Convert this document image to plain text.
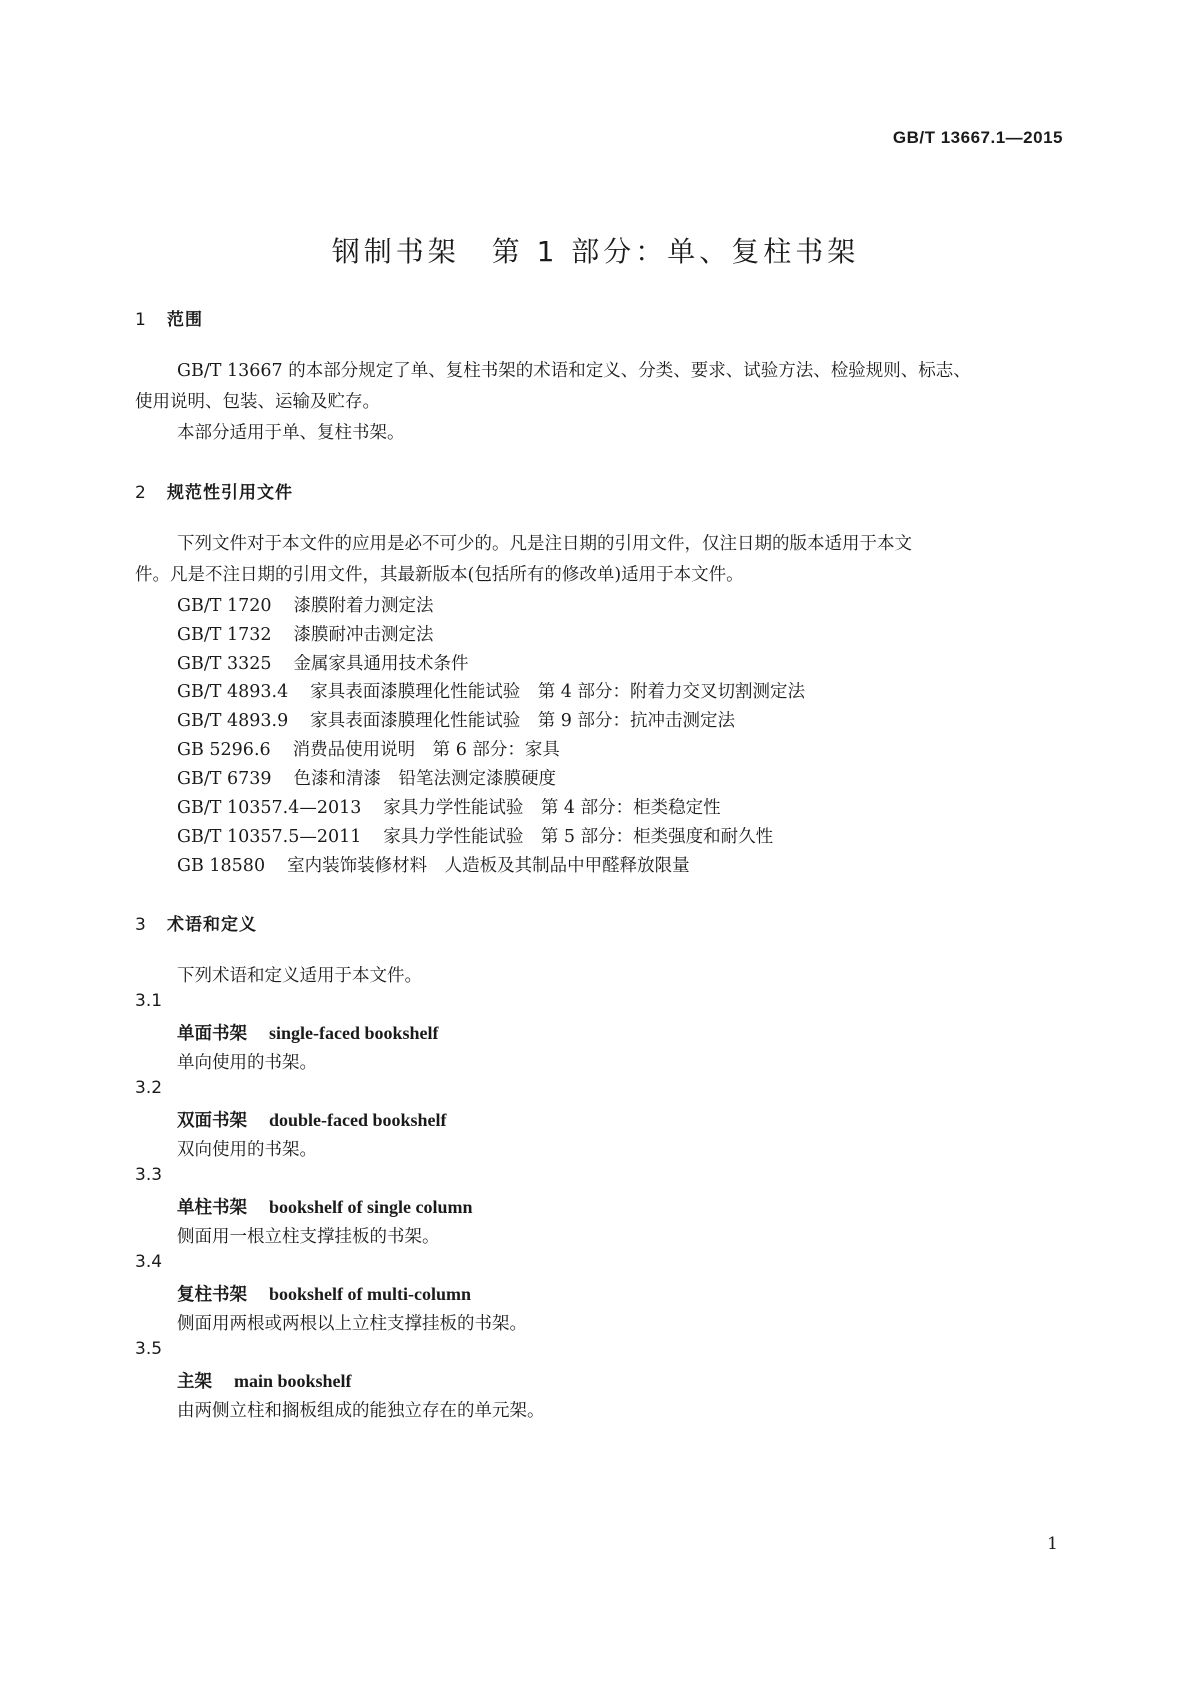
GB/T 13667.1—2015
钢制书架　第 1 部分：单、复柱书架
1 范围
GB/T 13667 的本部分规定了单、复柱书架的术语和定义、分类、要求、试验方法、检验规则、标志、
使用说明、包装、运输及贮存。
本部分适用于单、复柱书架。
2 规范性引用文件
下列文件对于本文件的应用是必不可少的。凡是注日期的引用文件，仅注日期的版本适用于本文
件。凡是不注日期的引用文件，其最新版本(包括所有的修改单)适用于本文件。
GB/T 1720 漆膜附着力测定法
GB/T 1732 漆膜耐冲击测定法
GB/T 3325 金属家具通用技术条件
GB/T 4893.4 家具表面漆膜理化性能试验　第 4 部分：附着力交叉切割测定法
GB/T 4893.9 家具表面漆膜理化性能试验　第 9 部分：抗冲击测定法
GB 5296.6 消费品使用说明　第 6 部分：家具
GB/T 6739 色漆和清漆　铅笔法测定漆膜硬度
GB/T 10357.4—2013 家具力学性能试验　第 4 部分：柜类稳定性
GB/T 10357.5—2011 家具力学性能试验　第 5 部分：柜类强度和耐久性
GB 18580 室内装饰装修材料　人造板及其制品中甲醛释放限量
3 术语和定义
下列术语和定义适用于本文件。
3.1
单面书架 single-faced bookshelf
单向使用的书架。
3.2
双面书架 double-faced bookshelf
双向使用的书架。
3.3
单柱书架 bookshelf of single column
侧面用一根立柱支撑挂板的书架。
3.4
复柱书架 bookshelf of multi-column
侧面用两根或两根以上立柱支撑挂板的书架。
3.5
主架 main bookshelf
由两侧立柱和搁板组成的能独立存在的单元架。
1
